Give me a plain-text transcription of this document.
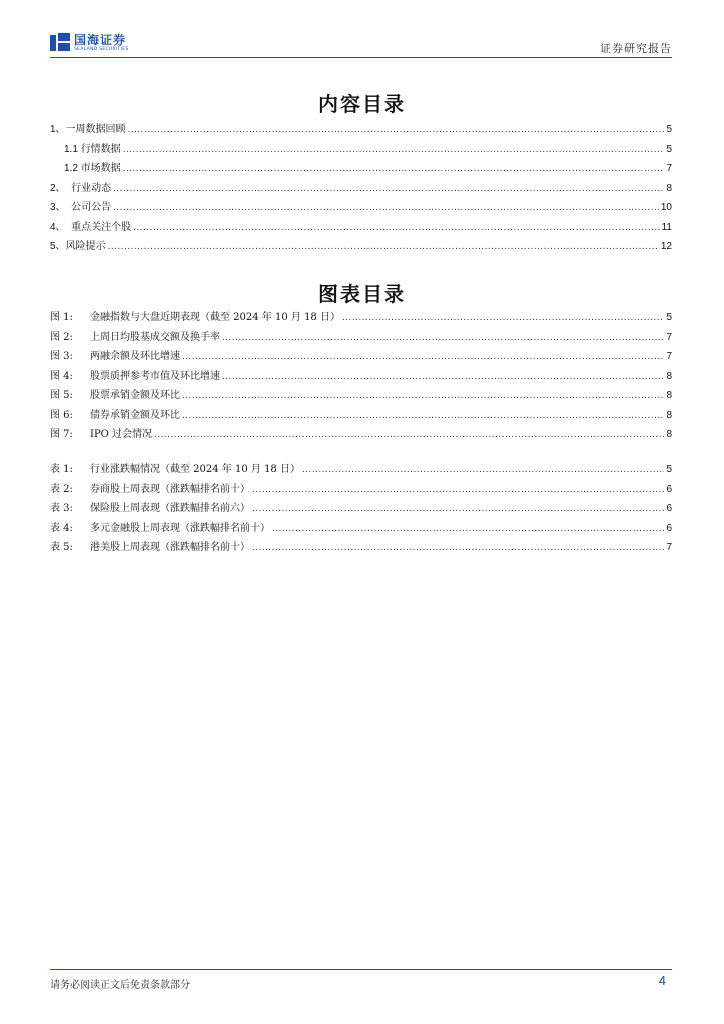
国海证券
SEALAND SECURITIES	证券研究报告
内容目录
1、 一周数据回顾 .....	5
1.1 行情数据 .....	5
1.2 市场数据 .....	7
2、 行业动态 .....	8
3、 公司公告 .....	10
4、 重点关注个股 .....	11
5、 风险提示 .....	12
图表目录
图 1:	金融指数与大盘近期表现（截至 2024 年 10 月 18 日） .....	5
图 2:	上周日均股基成交额及换手率 .....	7
图 3:	两融余额及环比增速 .....	7
图 4:	股票质押参考市值及环比增速 .....	8
图 5:	股票承销金额及环比 .....	8
图 6:	债券承销金额及环比 .....	8
图 7:	IPO 过会情况 .....	8
表 1:	行业涨跌幅情况（截至 2024 年 10 月 18 日） .....	5
表 2:	券商股上周表现（涨跌幅排名前十） .....	6
表 3:	保险股上周表现（涨跌幅排名前六） .....	6
表 4:	多元金融股上周表现（涨跌幅排名前十） .....	6
表 5:	港美股上周表现（涨跌幅排名前十） .....	7
请务必阅读正文后免责条款部分	4
